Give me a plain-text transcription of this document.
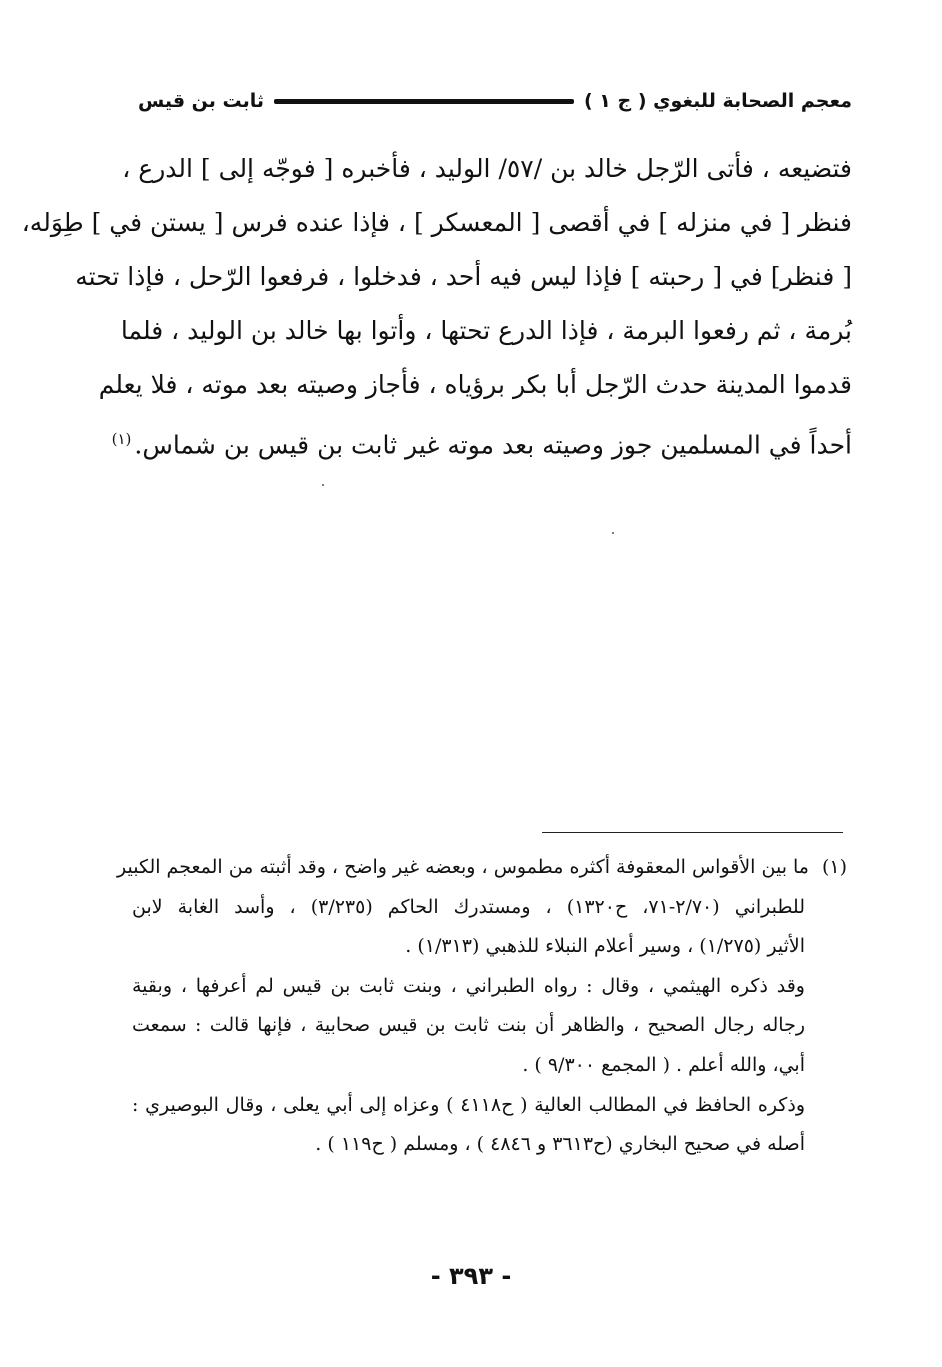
معجم الصحابة للبغوي ( ج ١ )
ثابت بن قيس
فتضيعه ، فأتى الرّجل خالد بن /٥٧/ الوليد ، فأخبره [ فوجّه إلى ] الدرع ،
فنظر [ في منزله ] في أقصى [ المعسكر ] ، فإذا عنده فرس [ يستن في ] طِوَله،
[ فنظر] في [ رحبته ] فإذا ليس فيه أحد ، فدخلوا ، فرفعوا الرّحل ، فإذا تحته
بُرمة ، ثم رفعوا البرمة ، فإذا الدرع تحتها ، وأتوا بها خالد بن الوليد ، فلما
قدموا المدينة حدث الرّجل أبا بكر برؤياه ، فأجاز وصيته بعد موته ، فلا يعلم
أحداً في المسلمين جوز وصيته بعد موته غير ثابت بن قيس بن شماس.$^{(١)}$
(١)ما بين الأقواس المعقوفة أكثره مطموس ، وبعضه غير واضح ، وقد أثبته من المعجم الكبير
للطبراني (٢/٧٠-٧١، ح١٣٢٠) ، ومستدرك الحاكم (٣/٢٣٥) ، وأسد الغابة لابن
الأثير (١/٢٧٥) ، وسير أعلام النبلاء للذهبي (١/٣١٣) .
وقد ذكره الهيثمي ، وقال : رواه الطبراني ، وبنت ثابت بن قيس لم أعرفها ، وبقية
رجاله رجال الصحيح ، والظاهر أن بنت ثابت بن قيس صحابية ، فإنها قالت : سمعت
أبي، والله أعلم . ( المجمع ٩/٣٠٠ ) .
وذكره الحافظ في المطالب العالية ( ح٤١١٨ ) وعزاه إلى أبي يعلى ، وقال البوصيري :
أصله في صحيح البخاري (ح٣٦١٣ و ٤٨٤٦ ) ، ومسلم ( ح١١٩ ) .
- ٣٩٣ -
